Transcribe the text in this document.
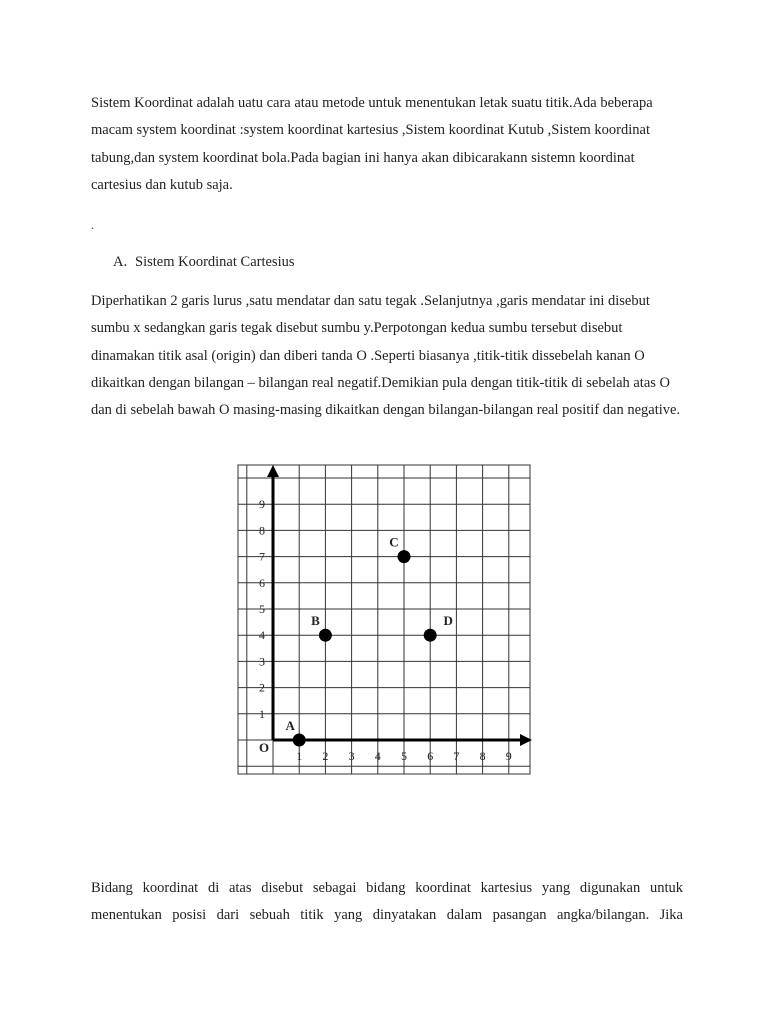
Sistem Koordinat adalah uatu cara atau metode untuk menentukan letak suatu titik.Ada beberapa macam system koordinat :system koordinat kartesius ,Sistem koordinat Kutub ,Sistem koordinat tabung,dan system koordinat bola.Pada bagian ini hanya akan dibicarakann sistemn koordinat cartesius dan kutub saja.

.
A. Sistem Koordinat Cartesius

Diperhatikan 2 garis lurus ,satu mendatar dan satu tegak .Selanjutnya ,garis mendatar ini disebut sumbu x sedangkan garis tegak disebut sumbu y.Perpotongan kedua sumbu tersebut disebut dinamakan titik asal (origin) dan diberi tanda O .Seperti biasanya ,titik-titik dissebelah kanan O dikaitkan dengan bilangan – bilangan real negatif.Demikian pula dengan titik-titik di sebelah atas O dan di sebelah bawah O masing-masing dikaitkan dengan bilangan-bilangan real positif dan negative.

O
1 2 3 4 5 6 7 8 9
1
2
3
4
5
6
7
8
9
A
B
C
D

Bidang koordinat di atas disebut sebagai bidang koordinat kartesius yang digunakan untuk
menentukan posisi dari sebuah titik yang dinyatakan dalam pasangan angka/bilangan. Jika
